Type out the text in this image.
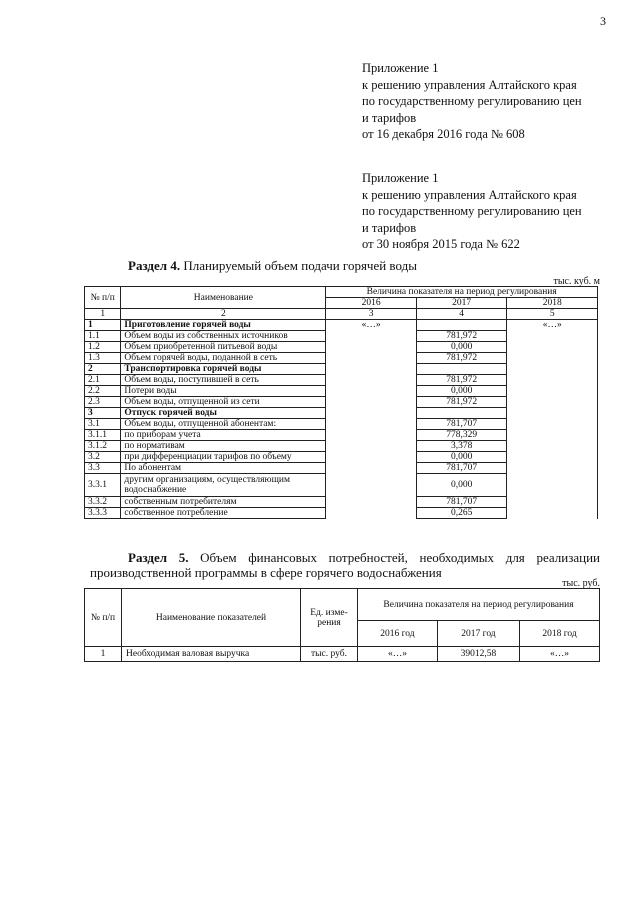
3
Приложение 1
к решению управления Алтайского края
по государственному регулированию цен
и тарифов
от 16 декабря 2016 года № 608
Приложение 1
к решению управления Алтайского края
по государственному регулированию цен
и тарифов
от 30 ноября 2015 года № 622
Раздел 4. Планируемый объем подачи горячей воды
тыс. куб. м
№ п/п	Наименование	Величина показателя на период регулирования		
		2016	2017	2018
1	2	3	4	5
1	Приготовление горячей воды	«…»		«…»
1.1	Объем воды из собственных источников		781,972	
1.2	Объем приобретенной питьевой воды		0,000	
1.3	Объем горячей воды, поданной в сеть		781,972	
2	Транспортировка горячей воды			
2.1	Объем воды, поступившей в сеть		781,972	
2.2	Потери воды		0,000	
2.3	Объем воды, отпущенной из сети		781,972	
3	Отпуск горячей воды			
3.1	Объем воды, отпущенной абонентам:		781,707	
3.1.1	по приборам учета		778,329	
3.1.2	по нормативам		3,378	
3.2	при дифференциации тарифов по объему		0,000	
3.3	По абонентам		781,707	
3.3.1	другим организациям, осуществляющим водоснабжение		0,000	
3.3.2	собственным потребителям		781,707	
3.3.3	собственное потребление		0,265	
Раздел 5. Объем финансовых потребностей, необходимых для реализации производственной программы в сфере горячего водоснабжения
тыс. руб.
№ п/п	Наименование показателей	Ед. изме-рения	Величина показателя на период регулирования		
			2016 год	2017 год	2018 год
1	Необходимая валовая выручка	тыс. руб.	«…»	39012,58	«…»
